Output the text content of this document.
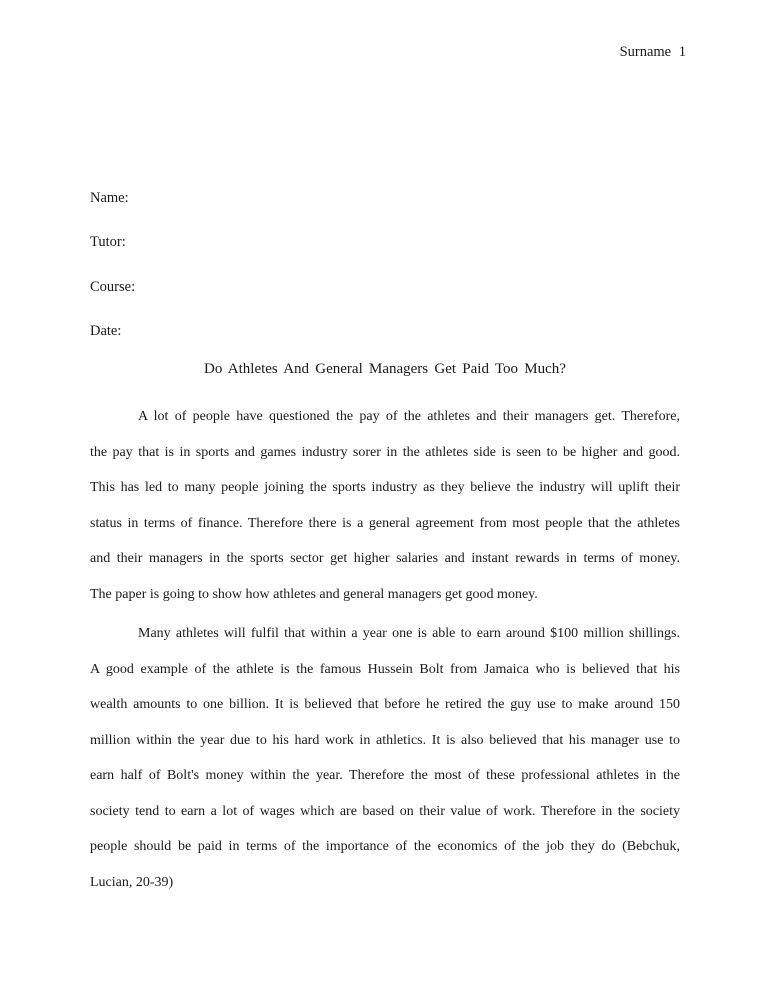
Surname 1
Name:
Tutor:
Course:
Date:
Do Athletes And General Managers Get Paid Too Much?
A lot of people have questioned the pay of the athletes and their managers get. Therefore,
the pay that is in sports and games industry sorer in the athletes side is seen to be higher and good.
This has led to many people joining the sports industry as they believe the industry will uplift their
status in terms of finance. Therefore there is a general agreement from most people that the athletes
and their managers in the sports sector get higher salaries and instant rewards in terms of money.
The paper is going to show how athletes and general managers get good money.
Many athletes will fulfil that within a year one is able to earn around $100 million shillings.
A good example of the athlete is the famous Hussein Bolt from Jamaica who is believed that his
wealth amounts to one billion. It is believed that before he retired the guy use to make around 150
million within the year due to his hard work in athletics. It is also believed that his manager use to
earn half of Bolt's money within the year. Therefore the most of these professional athletes in the
society tend to earn a lot of wages which are based on their value of work. Therefore in the society
people should be paid in terms of the importance of the economics of the job they do (Bebchuk,
Lucian, 20-39)
